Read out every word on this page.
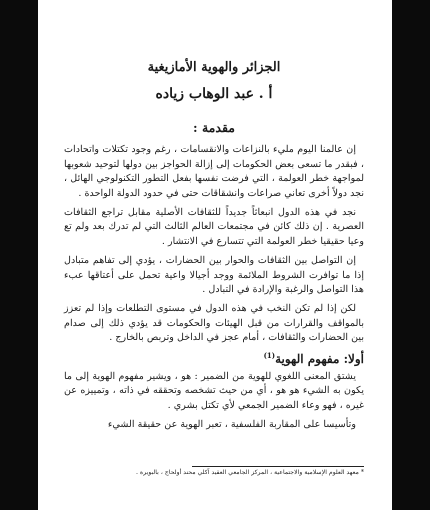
الجزائر والهوية الأمازيغية
أ . عبد الوهاب زياده
مقدمة :

إن عالمنا اليوم مليء بالنزاعات والانقسامات ، رغم وجود تكتلات واتحادات ، فبقدر ما تسعى بعض الحكومات إلى إزالة الحواجز بين دولها لتوحيد شعوبها لمواجهة خطر العولمة ، التي فرضت نفسها بفعل التطور التكنولوجي الهائل ، نجد دولاً أخرى تعاني صراعات وانشقاقات حتى في حدود الدولة الواحدة .

نجد في هذه الدول انبعاثاً جديداً للثقافات الأصلية مقابل تراجع الثقافات العصرية . إن ذلك كائن في مجتمعات العالم الثالث التي لم تدرك بعد ولم تع وعيا حقيقيا خطر العولمة التي تتسارع في الانتشار .

إن التواصل بين الثقافات والحوار بين الحضارات ، يؤدي إلى تفاهم متبادل إذا ما توافرت الشروط الملائمة ووجد أجيالا واعية تحمل على أعتاقها عبء هذا التواصل والرغبة والإرادة في التبادل .

لكن إذا لم تكن النخب في هذه الدول في مستوى التطلعات وإذا لم تعزز بالمواقف والقرارات من قبل الهيئات والحكومات قد يؤدي ذلك إلى صدام بين الحضارات والثقافات ، أمام عجز في الداخل وتربص بالخارج .

أولا: مفهوم الهوية$^{(1)}$

يشتق المعنى اللغوي للهوية من الضمير : هو ، ويشير مفهوم الهوية إلى ما يكون به الشيء هو هو ، أي من حيث تشخصه وتحققه في ذاته ، وتمييزه عن غيره ، فهو وعاء الضمير الجمعي لأي تكتل بشري .

وتأسيسا على المقاربة الفلسفية ، تعبر الهوية عن حقيقة الشيء

* معهد العلوم الإسلامية والاجتماعية ، المركز الجامعي العقيد آكلي محند أولحاج ، بالبويرة .
